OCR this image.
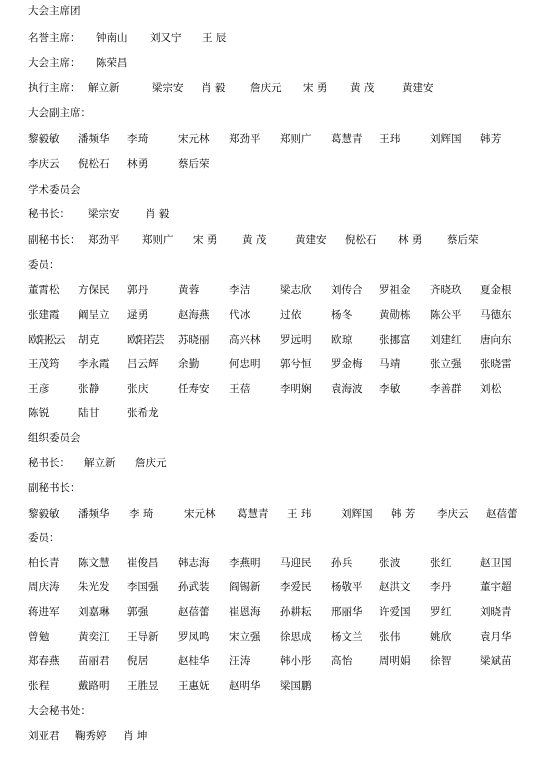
大会主席团
名誉主席： 钟南山 刘又宁 王 辰
大会主席： 陈荣昌
执行主席： 解立新	梁宗安 肖 毅 詹庆元 宋 勇 黄 茂	黄建安
大会副主席：
黎毅敏 潘频华 李 琦	宋元林 郑劲平 郑则广 葛慧青 王 玮	刘辉国 韩 芳
李庆云 倪松石 林 勇	蔡后荣
学术委员会
秘书长： 梁宗安 肖 毅
副秘书长： 郑劲平 郑则广 宋 勇 黄 茂	黄建安 倪松石 林 勇 蔡后荣
委员：
董霄松 方保民 郭 丹	黄 蓉	李 洁	梁志欣 刘传合 罗祖金 齐晓玖 夏金根
张建霞 阚呈立 逯 勇	赵海燕 代 冰	过 依	杨 冬	黄勋栋 陈公平 马德东
欧阳松云 胡 克	欧阳若芸 苏晓丽 高兴林 罗远明 欧 琼	张挪富 刘建红 唐向东
王茂筠 李永霞 吕云辉 余 勤	何忠明 郭兮恒 罗金梅 马 靖	张立强 张晓雷
王 彦	张 静	张 庆	任寿安 王 蓓	李明娴 袁海波 李 敏	李善群 刘 松
陈 锐	陆 甘	张希龙
组织委员会
秘书长： 解立新 詹庆元
副秘书长：
黎毅敏 潘频华 李 琦	宋元林 葛慧青 王 玮	刘辉国 韩 芳 李庆云 赵蓓蕾
委员：
柏长青 陈文慧 崔俊昌 韩志海 李燕明 马迎民 孙 兵	张 波	张 红	赵卫国
周庆涛 朱光发 李国强 孙武装 阎锡新 李爱民 杨敬平 赵洪文 李 丹	董宇超
蒋进军 刘嘉琳 郭 强	赵蓓蕾 崔恩海 孙耕耘 邢丽华 许爱国 罗 红	刘晓青
曾 勉	黄奕江 王导新 罗凤鸣 宋立强 徐思成 杨文兰 张 伟	姚 欣	袁月华
郑春燕 苗丽君 倪 居	赵桂华 汪 涛	韩小彤 高 怡	周明娟 徐 智	梁斌苗
张 程	戴路明 王胜昱 王惠妩 赵明华 梁国鹏
大会秘书处：
刘亚君 鞠秀婷 肖 坤
